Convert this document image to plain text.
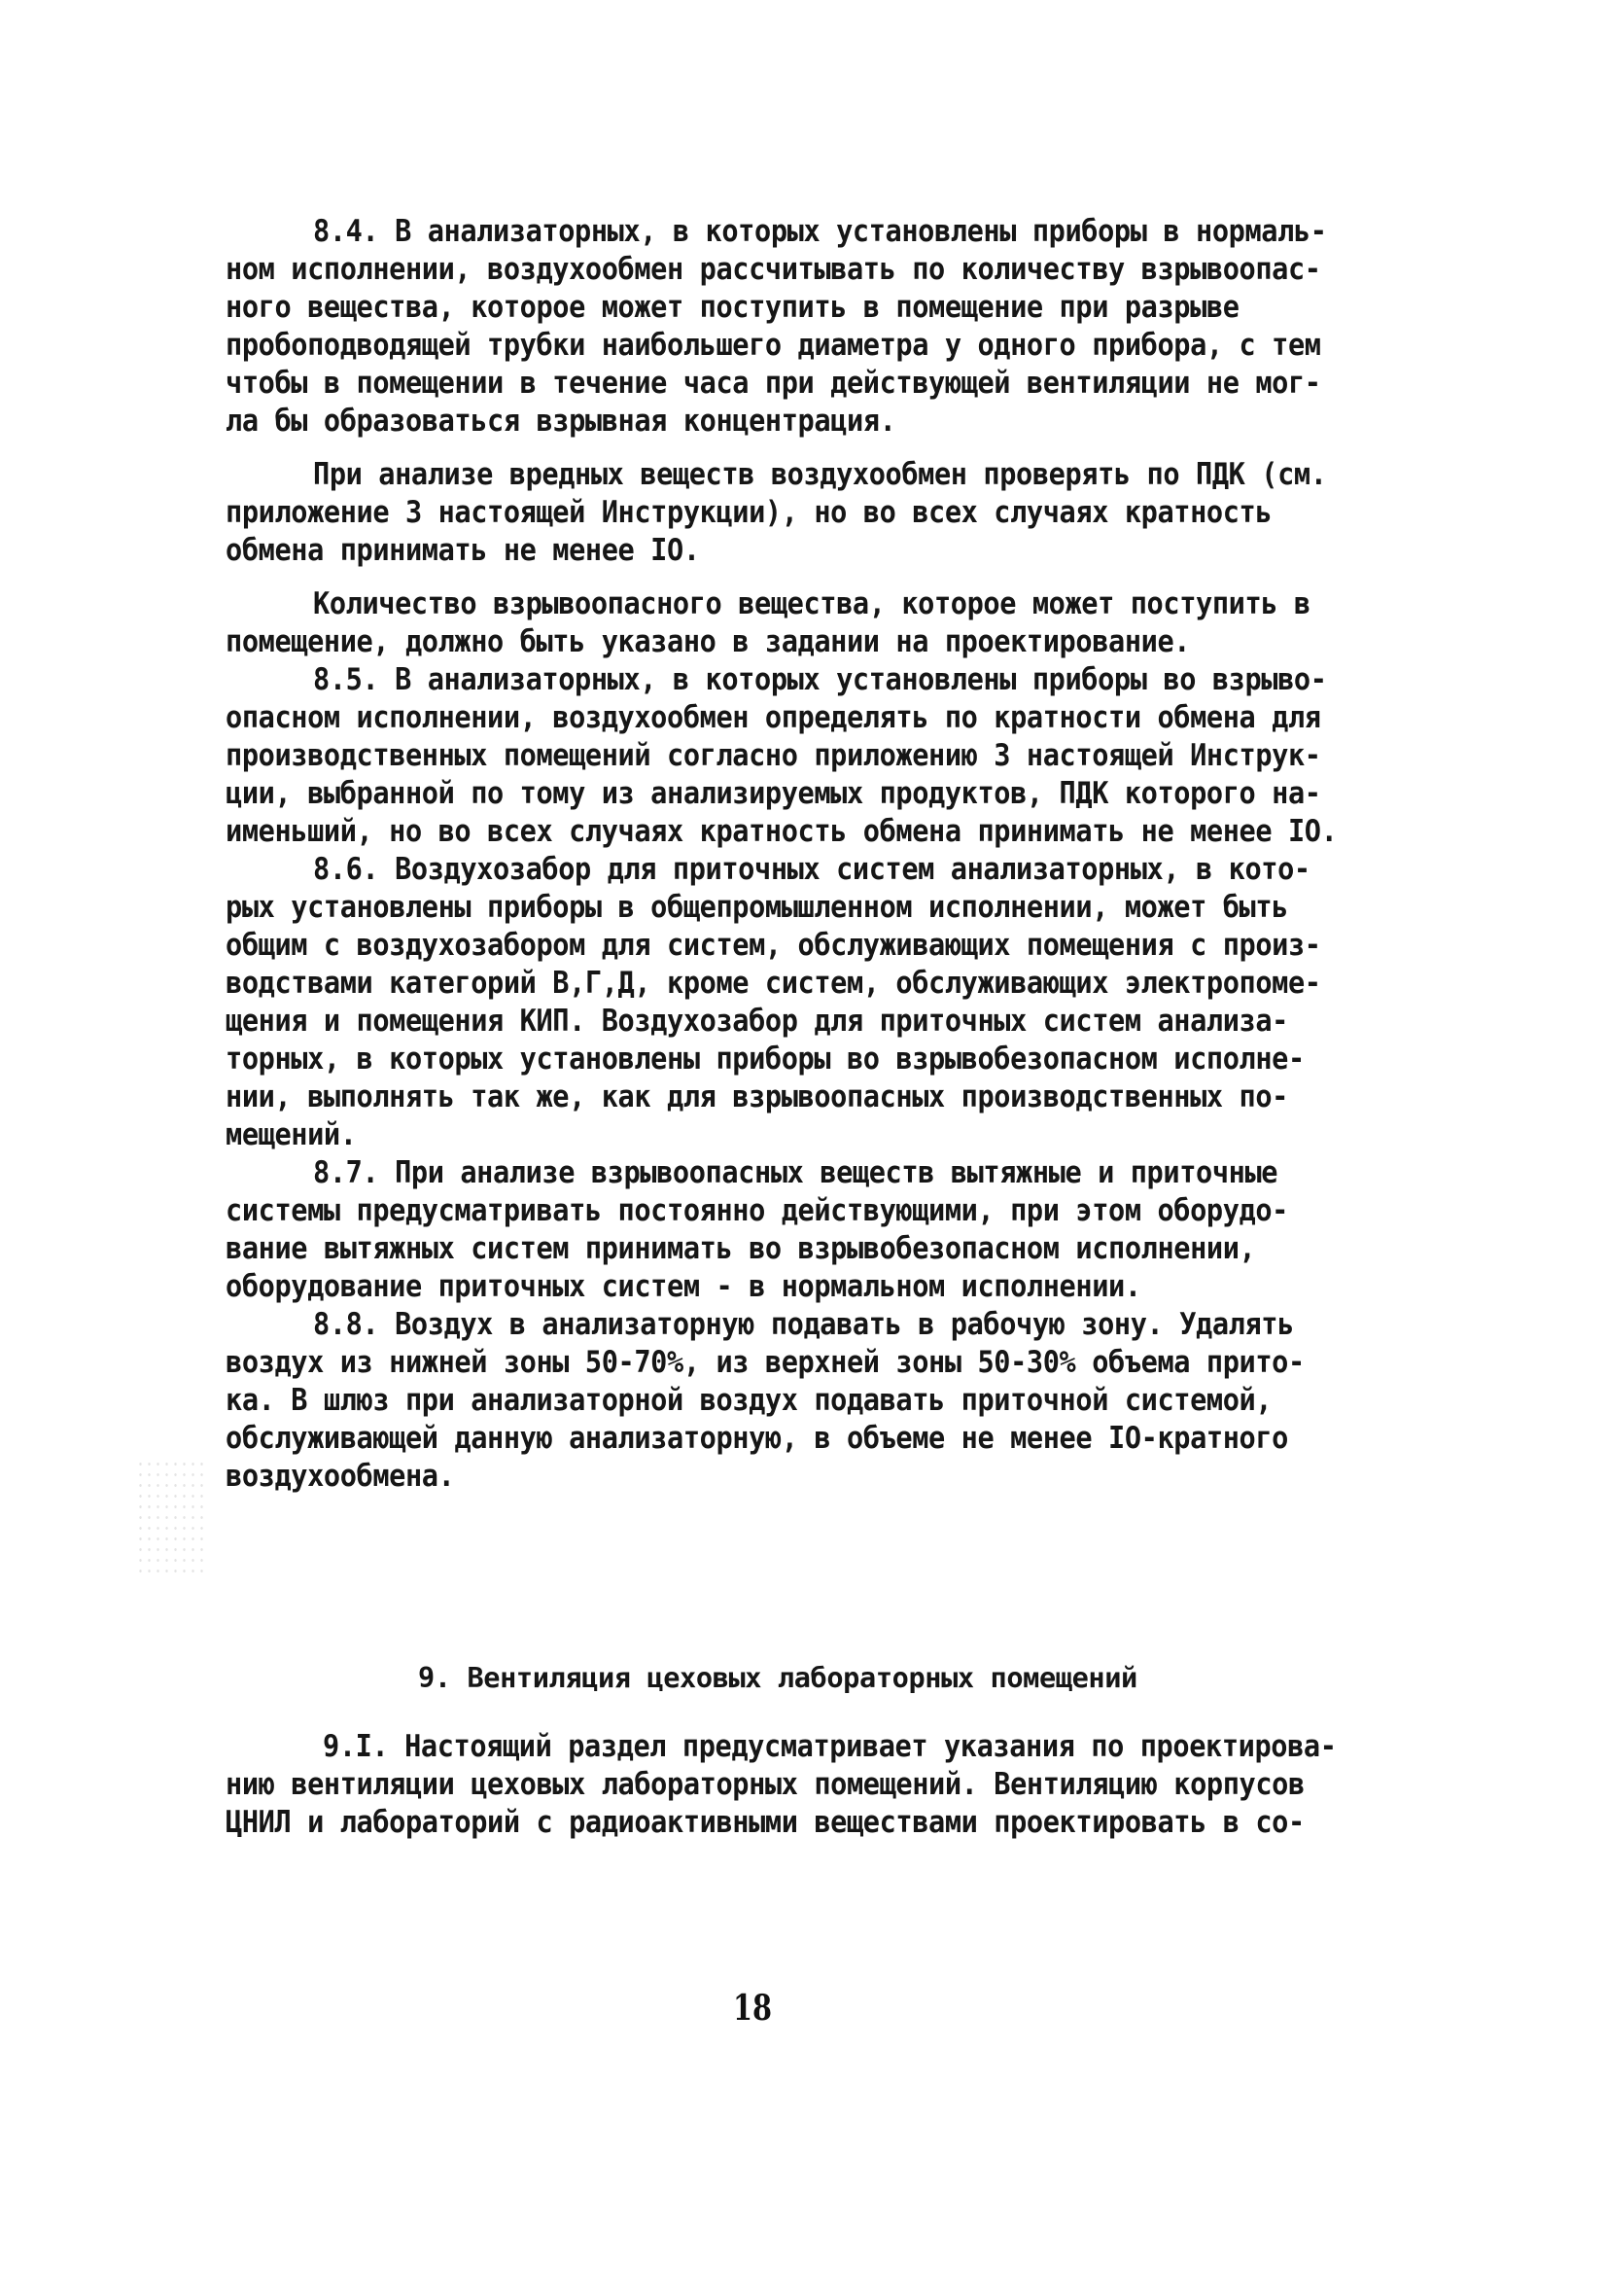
8.4. В анализаторных, в которых установлены приборы в нормаль-
ном исполнении, воздухообмен рассчитывать по количеству взрывоопас-
ного вещества, которое может поступить в помещение при разрыве
пробоподводящей трубки наибольшего диаметра у одного прибора, с тем
чтобы в помещении в течение часа при действующей вентиляции не мог-
ла бы образоваться взрывная концентрация.
При анализе вредных веществ воздухообмен проверять по ПДК (см.
приложение 3 настоящей Инструкции), но во всех случаях кратность
обмена принимать не менее IO.
Количество взрывоопасного вещества, которое может поступить в
помещение, должно быть указано в задании на проектирование.
8.5. В анализаторных, в которых установлены приборы во взрыво-
опасном исполнении, воздухообмен определять по кратности обмена для
производственных помещений согласно приложению 3 настоящей Инструк-
ции, выбранной по тому из анализируемых продуктов, ПДК которого на-
именьший, но во всех случаях кратность обмена принимать не менее IO.
8.6. Воздухозабор для приточных систем анализаторных, в кото-
рых установлены приборы в общепромышленном исполнении, может быть
общим с воздухозабором для систем, обслуживающих помещения с произ-
водствами категорий В,Г,Д, кроме систем, обслуживающих электропоме-
щения и помещения КИП. Воздухозабор для приточных систем анализа-
торных, в которых установлены приборы во взрывобезопасном исполне-
нии, выполнять так же, как для взрывоопасных производственных по-
мещений.
8.7. При анализе взрывоопасных веществ вытяжные и приточные
системы предусматривать постоянно действующими, при этом оборудо-
вание вытяжных систем принимать во взрывобезопасном исполнении,
оборудование приточных систем - в нормальном исполнении.
8.8. Воздух в анализаторную подавать в рабочую зону. Удалять
воздух из нижней зоны 50-70%, из верхней зоны 50-30% объема прито-
ка. В шлюз при анализаторной воздух подавать приточной системой,
обслуживающей данную анализаторную, в объеме не менее IO-кратного
воздухообмена.
9. Вентиляция цеховых лабораторных помещений
9.I. Настоящий раздел предусматривает указания по проектирова-
нию вентиляции цеховых лабораторных помещений. Вентиляцию корпусов
ЦНИЛ и лабораторий с радиоактивными веществами проектировать в со-
18
